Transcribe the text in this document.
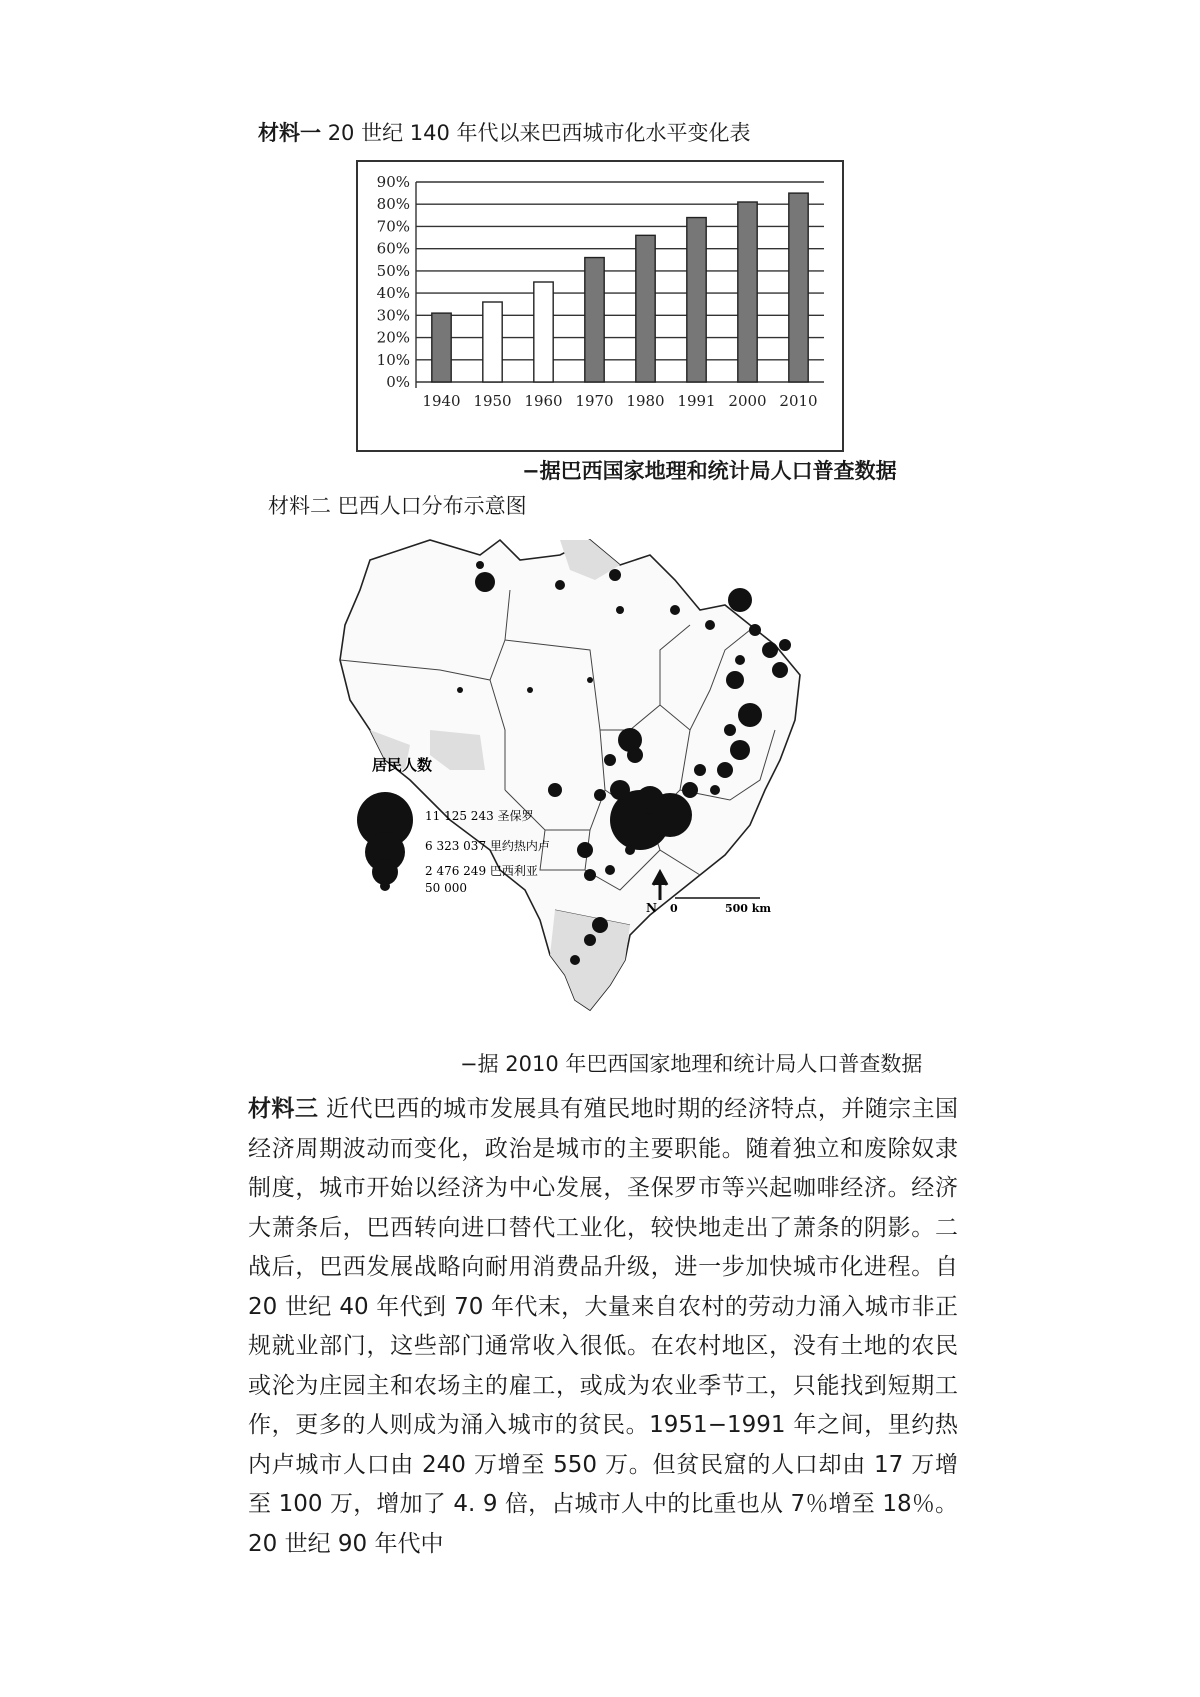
材料一 20 世纪 140 年代以来巴西城市化水平变化表
0%
10%
20%
30%
40%
50%
60%
70%
80%
90%
1940 1950 1960 1970 1980 1991 2000 2010
−据巴西国家地理和统计局人口普查数据
材料二 巴西人口分布示意图
居民人数
11 125 243 圣保罗
6 323 037 里约热内卢
2 476 249 巴西利亚
50 000
N 0	500 km
−据 2010 年巴西国家地理和统计局人口普查数据
材料三 近代巴西的城市发展具有殖民地时期的经济特点，并随宗主国经济周期波动而变化，政治是城市的主要职能。随着独立和废除奴隶制度，城市开始以经济为中心发展，圣保罗市等兴起咖啡经济。经济大萧条后，巴西转向进口替代工业化，较快地走出了萧条的阴影。二战后，巴西发展战略向耐用消费品升级，进一步加快城市化进程。自 20 世纪 40 年代到 70 年代末，大量来自农村的劳动力涌入城市非正规就业部门，这些部门通常收入很低。在农村地区，没有土地的农民或沦为庄园主和农场主的雇工，或成为农业季节工，只能找到短期工作，更多的人则成为涌入城市的贫民。1951−1991 年之间，里约热内卢城市人口由 240 万增至 550 万。但贫民窟的人口却由 17 万增至 100 万，增加了 4. 9 倍，占城市人中的比重也从 7％增至 18％。20 世纪 90 年代中
